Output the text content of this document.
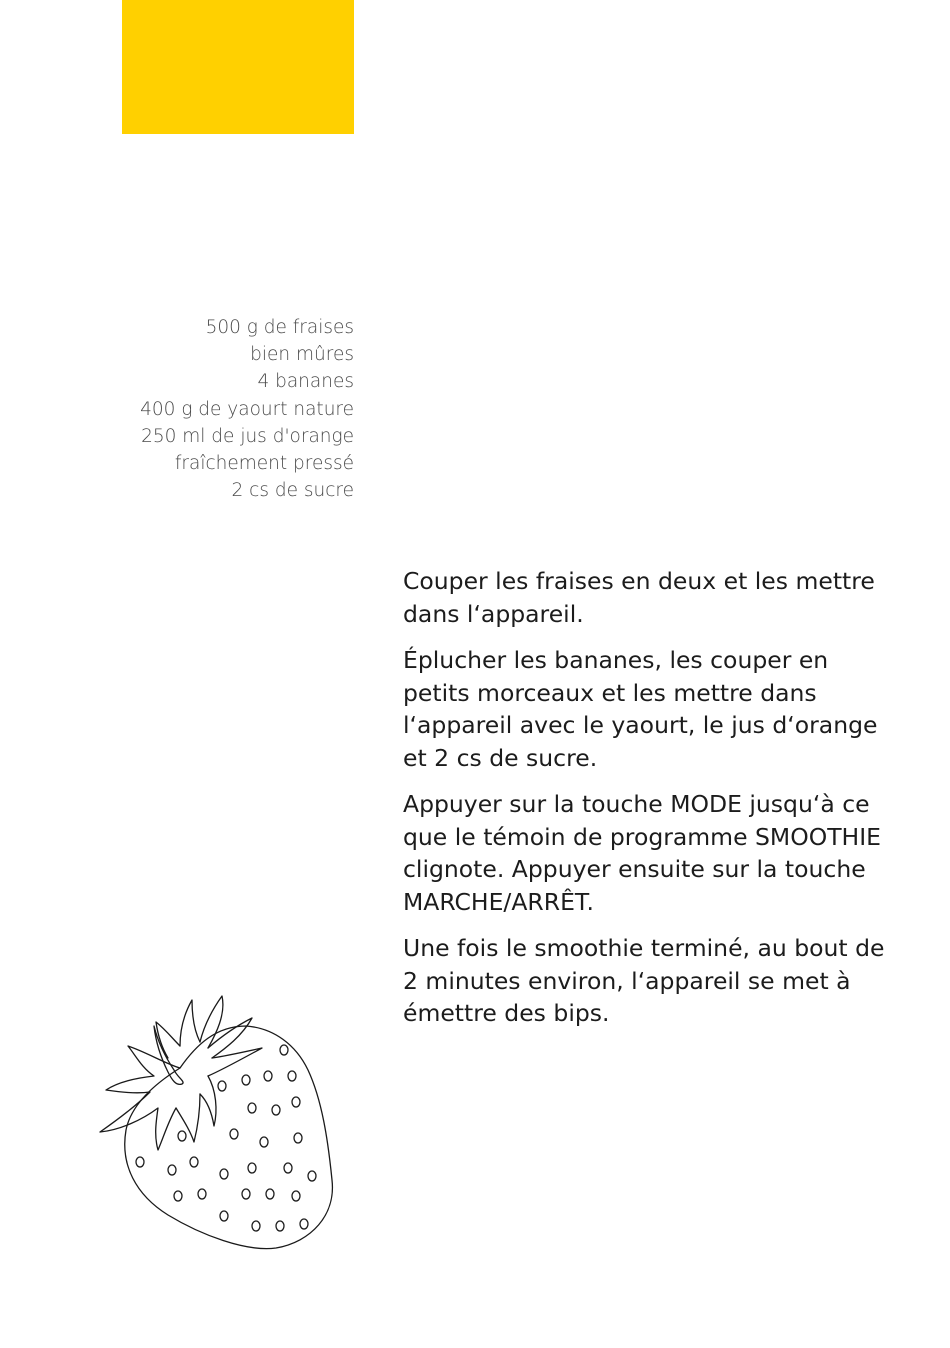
500 g de fraises
bien mûres
4 bananes
400 g de yaourt nature
250 ml de jus d'orange
fraîchement pressé
2 cs de sucre

Couper les fraises en deux et les mettre dans l‘appareil.

Éplucher les bananes, les couper en petits morceaux et les mettre dans l‘appareil avec le yaourt, le jus d‘orange et 2 cs de sucre.

Appuyer sur la touche MODE jusqu‘à ce que le témoin de programme SMOOTHIE clignote. Appuyer ensuite sur la touche MARCHE/ARRÊT.

Une fois le smoothie terminé, au bout de 2 minutes environ, l‘appareil se met à émettre des bips.
